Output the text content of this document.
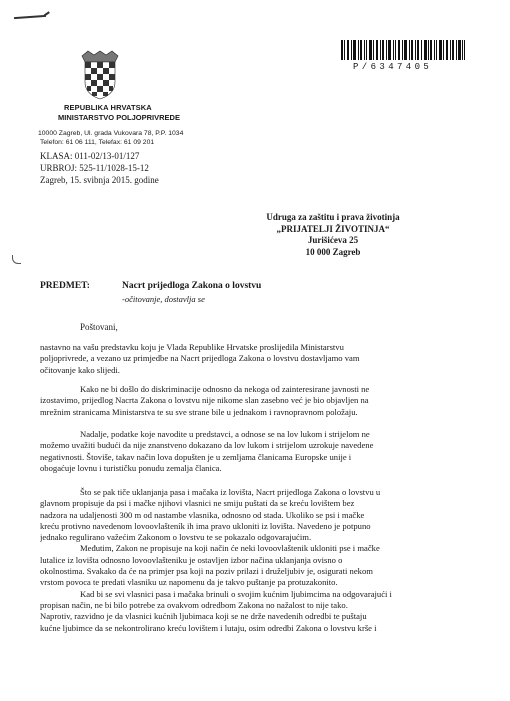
REPUBLIKA HRVATSKA
MINISTARSTVO POLJOPRIVREDE
10000 Zagreb, Ul. grada Vukovara 78, P.P. 1034
Telefon: 61 06 111, Telefax: 61 09 201
KLASA: 011-02/13-01/127
URBROJ: 525-11/1028-15-12
Zagreb, 15. svibnja 2015. godine
P/6347405
Udruga za zaštitu i prava životinja
„PRIJATELJI ŽIVOTINJA“
Jurišićeva 25
10 000 Zagreb
PREDMET:	Nacrt prijedloga Zakona o lovstvu
-očitovanje, dostavlja se
Poštovani,
nastavno na vašu predstavku koju je Vlada Republike Hrvatske proslijedila Ministarstvu
poljoprivrede, a vezano uz primjedbe na Nacrt prijedloga Zakona o lovstvu dostavljamo vam
očitovanje kako slijedi.
Kako ne bi došlo do diskriminacije odnosno da nekoga od zainteresirane javnosti ne
izostavimo, prijedlog Nacrta Zakona o lovstvu nije nikome slan zasebno već je bio objavljen na
mrežnim stranicama Ministarstva te su sve strane bile u jednakom i ravnopravnom položaju.
Nadalje, podatke koje navodite u predstavci, a odnose se na lov lukom i strijelom ne
možemo uvažiti budući da nije znanstveno dokazano da lov lukom i strijelom uzrokuje navedene
negativnosti. Štoviše, takav način lova dopušten je u zemljama članicama Europske unije i
obogaćuje lovnu i turističku ponudu zemalja članica.
Što se pak tiče uklanjanja pasa i mačaka iz lovišta, Nacrt prijedloga Zakona o lovstvu u
glavnom propisuje da psi i mačke njihovi vlasnici ne smiju puštati da se kreću lovištem bez
nadzora na udaljenosti 300 m od nastambe vlasnika, odnosno od stada. Ukoliko se psi i mačke
kreću protivno navedenom lovoovlašteník ih ima pravo ukloniti iz lovišta. Navedeno je potpuno
jednako regulirano važećim Zakonom o lovstvu te se pokazalo odgovarajućim.
Međutim, Zakon ne propisuje na koji način će neki lovoovlaštenik ukloniti pse i mačke
lutalice iz lovišta odnosno lovoovlašteniku je ostavljen izbor načina uklanjanja ovisno o
okolnostima. Svakako da će na primjer psa koji na poziv prilazi i druželjubiv je, osigurati nekom
vrstom povoca te predati vlasniku uz napomenu da je takvo puštanje pa protuzakonito.
Kad bi se svi vlasnici pasa i mačaka brinuli o svojim kućnim ljubimcima na odgovarajući i
propisan način, ne bi bilo potrebe za ovakvom odredbom Zakona no nažalost to nije tako.
Naprotiv, razvidno je da vlasnici kućnih ljubimaca koji se ne drže navedenih odredbi te puštaju
kućne ljubimce da se nekontrolirano kreću lovištem i lutaju, osim odredbi Zakona o lovstvu krše i
